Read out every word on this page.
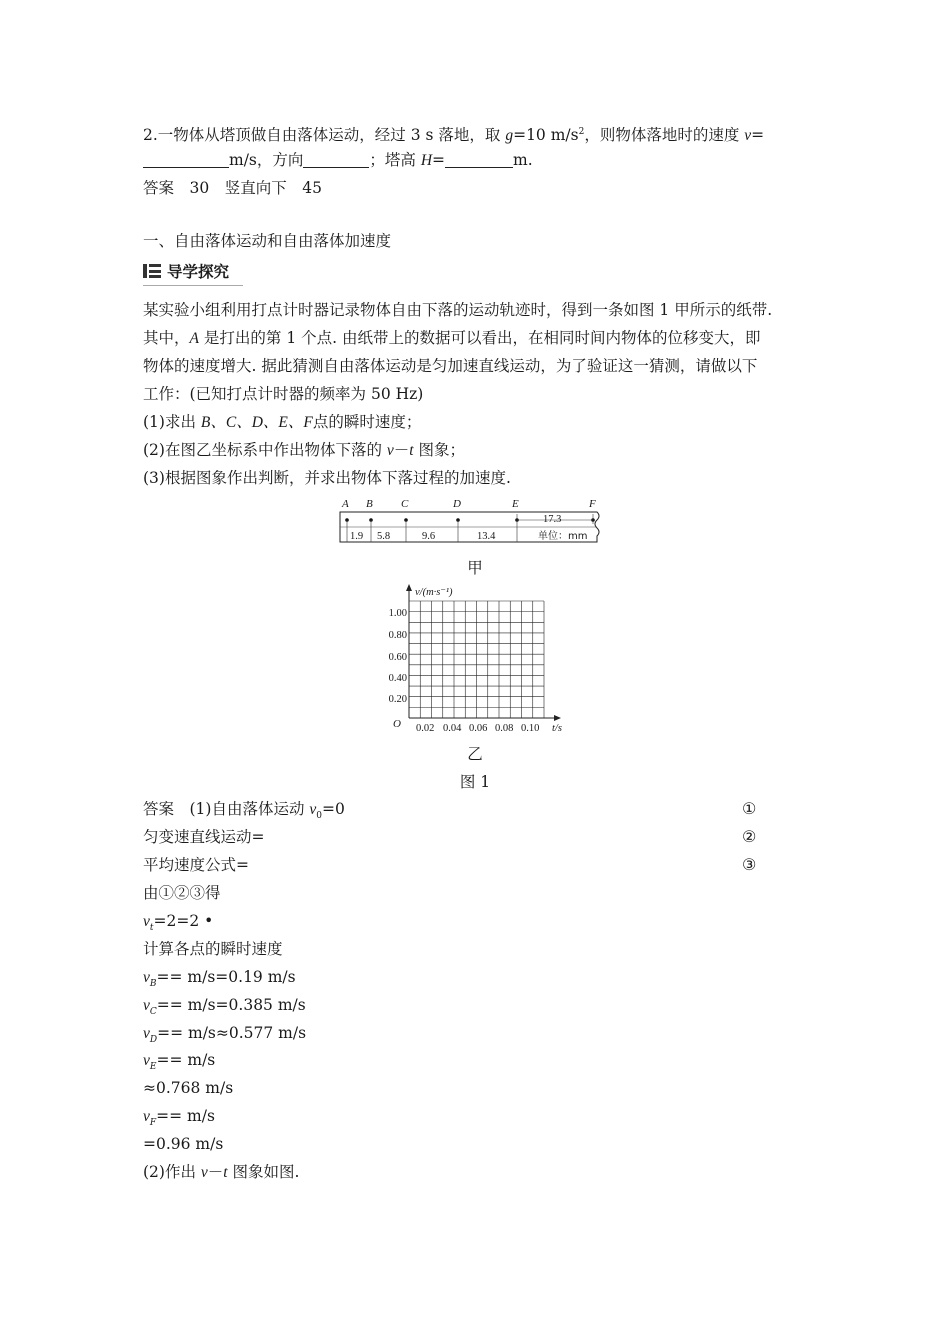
2.一物体从塔顶做自由落体运动，经过 3 s 落地，取 g=10 $m/s^2$，则物体落地时的速度 v=
m/s，方向	；塔高 H=	m.
答案　30　竖直向下　45
一、自由落体运动和自由落体加速度
导学探究
某实验小组利用打点计时器记录物体自由下落的运动轨迹时，得到一条如图 1 甲所示的纸带.
其中，A 是打出的第 1 个点. 由纸带上的数据可以看出，在相同时间内物体的位移变大，即
物体的速度增大. 据此猜测自由落体运动是匀加速直线运动，为了验证这一猜测，请做以下
工作：(已知打点计时器的频率为 50 Hz)
(1)求出 B、C、D、E、F点的瞬时速度；
(2)在图乙坐标系中作出物体下落的 v－t 图象；
(3)根据图象作出判断，并求出物体下落过程的加速度.
A B	C	D	E	F
1.9 5.8	9.6	13.4
17.3
单位：mm
甲
v/(m·s⁻¹)
1.00
0.80
0.60
0.40
0.20
O 0.02 0.04 0.06 0.08 0.10 t/s
乙
图 1
答案　(1)自由落体运动 $v_0=0$	①
匀变速直线运动=	②
平均速度公式=	③
由①②③得
$v_t=2=2$ •
计算各点的瞬时速度
$v_B== m/s=0.19$ m/s
$v_C== m/s=0.385$ m/s
$v_D== m/s\approx 0.577$ m/s
$v_E== m/s$
≈0.768 m/s
$v_F== m/s$
=0.96 m/s
(2)作出 v－t 图象如图.
